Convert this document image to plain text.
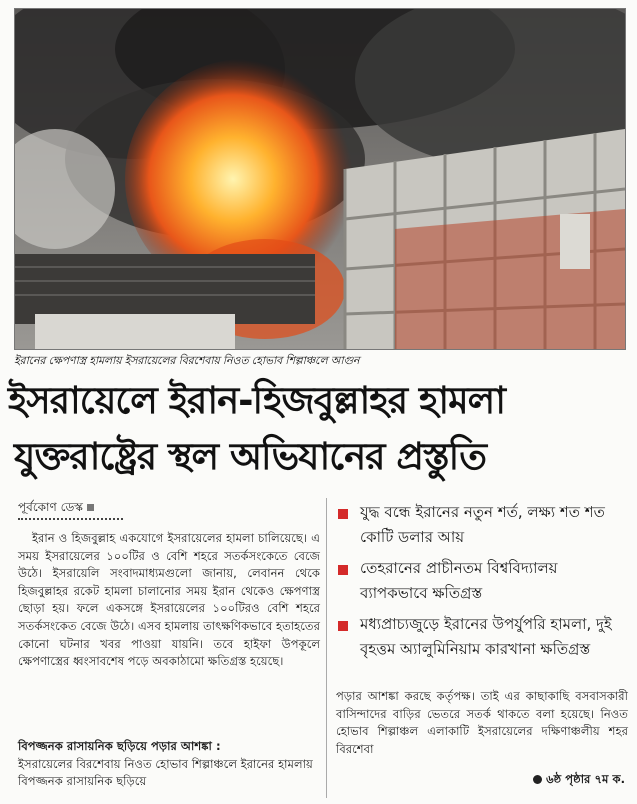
ইরানের ক্ষেপণাস্ত্র হামলায় ইসরায়েলের বিরশেবায় নিওত হোভাব শিল্পাঞ্চলে আগুন
ইসরায়েলে ইরান-হিজবুল্লাহর হামলা
যুক্তরাষ্ট্রের স্থল অভিযানের প্রস্তুতি
পূর্বকোণ ডেস্ক

ইরান ও হিজবুল্লাহ একযোগে ইসরায়েলের হামলা চালিয়েছে। এ সময় ইসরায়েলের ১০০টির ও বেশি শহরে সতর্কসংকেতে বেজে উঠে। ইসরায়েলি সংবাদমাধ্যমগুলো জানায়, লেবানন থেকে হিজবুল্লাহর রকেট হামলা চালানোর সময় ইরান থেকেও ক্ষেপণাস্ত্র ছোড়া হয়। ফলে একসঙ্গে ইসরায়েলের ১০০টিরও বেশি শহরে সতর্কসংকেত বেজে উঠে। এসব হামলায় তাৎক্ষণিকভাবে হতাহতের কোনো ঘটনার খবর পাওয়া যায়নি। তবে হাইফা উপকূলে ক্ষেপণাস্ত্রের ধ্বংসাবশেষ পড়ে অবকাঠামো ক্ষতিগ্রস্ত হয়েছে।

বিপজ্জনক রাসায়নিক ছড়িয়ে পড়ার আশঙ্কা :
ইসরায়েলের বিরশেবায় নিওত হোভাব শিল্পাঞ্চলে ইরানের হামলায় বিপজ্জনক রাসায়নিক ছড়িয়ে
যুদ্ধ বন্ধে ইরানের নতুন শর্ত, লক্ষ্য শত শত কোটি ডলার আয়
তেহরানের প্রাচীনতম বিশ্ববিদ্যালয় ব্যাপকভাবে ক্ষতিগ্রস্ত
মধ্যপ্রাচ্যজুড়ে ইরানের উপর্যুপরি হামলা, দুই বৃহত্তম অ্যালুমিনিয়াম কারখানা ক্ষতিগ্রস্ত

পড়ার আশঙ্কা করছে কর্তৃপক্ষ। তাই এর কাছাকাছি বসবাসকারী বাসিন্দাদের বাড়ির ভেতরে সতর্ক থাকতে বলা হয়েছে। নিওত হোভাব শিল্পাঞ্চল এলাকাটি ইসরায়েলের দক্ষিণাঞ্চলীয় শহর বিরশেবা

৬ষ্ঠ পৃষ্ঠার ৭ম ক.
